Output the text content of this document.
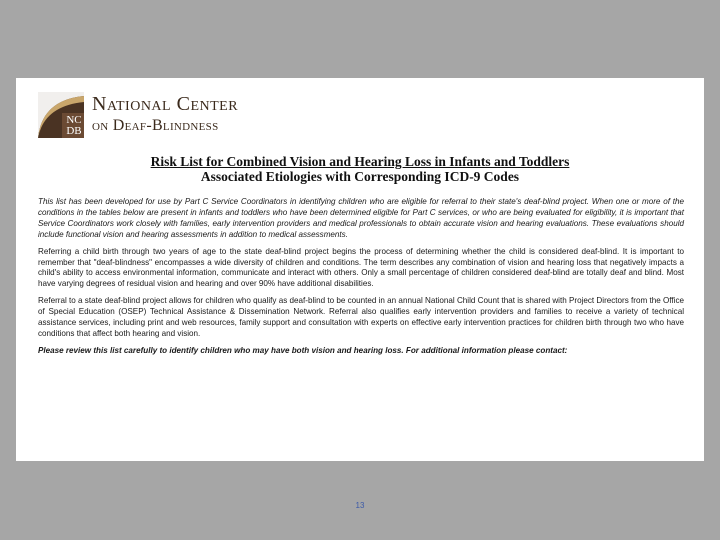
NC
DB
National Center
on Deaf-Blindness
Risk List for Combined Vision and Hearing Loss in Infants and Toddlers
Associated Etiologies with Corresponding ICD-9 Codes

This list has been developed for use by Part C Service Coordinators in identifying children who are eligible for referral to their state's deaf-blind project. When one or more of the conditions in the tables below are present in infants and toddlers who have been determined eligible for Part C services, or who are being evaluated for eligibility, it is important that Service Coordinators work closely with families, early intervention providers and medical professionals to obtain accurate vision and hearing evaluations. These evaluations should include functional vision and hearing assessments in addition to medical assessments.

Referring a child birth through two years of age to the state deaf-blind project begins the process of determining whether the child is considered deaf-blind. It is important to remember that "deaf-blindness" encompasses a wide diversity of children and conditions. The term describes any combination of vision and hearing loss that negatively impacts a child's ability to access environmental information, communicate and interact with others. Only a small percentage of children considered deaf-blind are totally deaf and blind. Most have varying degrees of residual vision and hearing and over 90% have additional disabilities.

Referral to a state deaf-blind project allows for children who qualify as deaf-blind to be counted in an annual National Child Count that is shared with Project Directors from the Office of Special Education (OSEP) Technical Assistance & Dissemination Network. Referral also qualifies early intervention providers and families to receive a variety of technical assistance services, including print and web resources, family support and consultation with experts on effective early intervention practices for children birth through two who have conditions that affect both hearing and vision.

Please review this list carefully to identify children who may have both vision and hearing loss. For additional information please contact:

13
